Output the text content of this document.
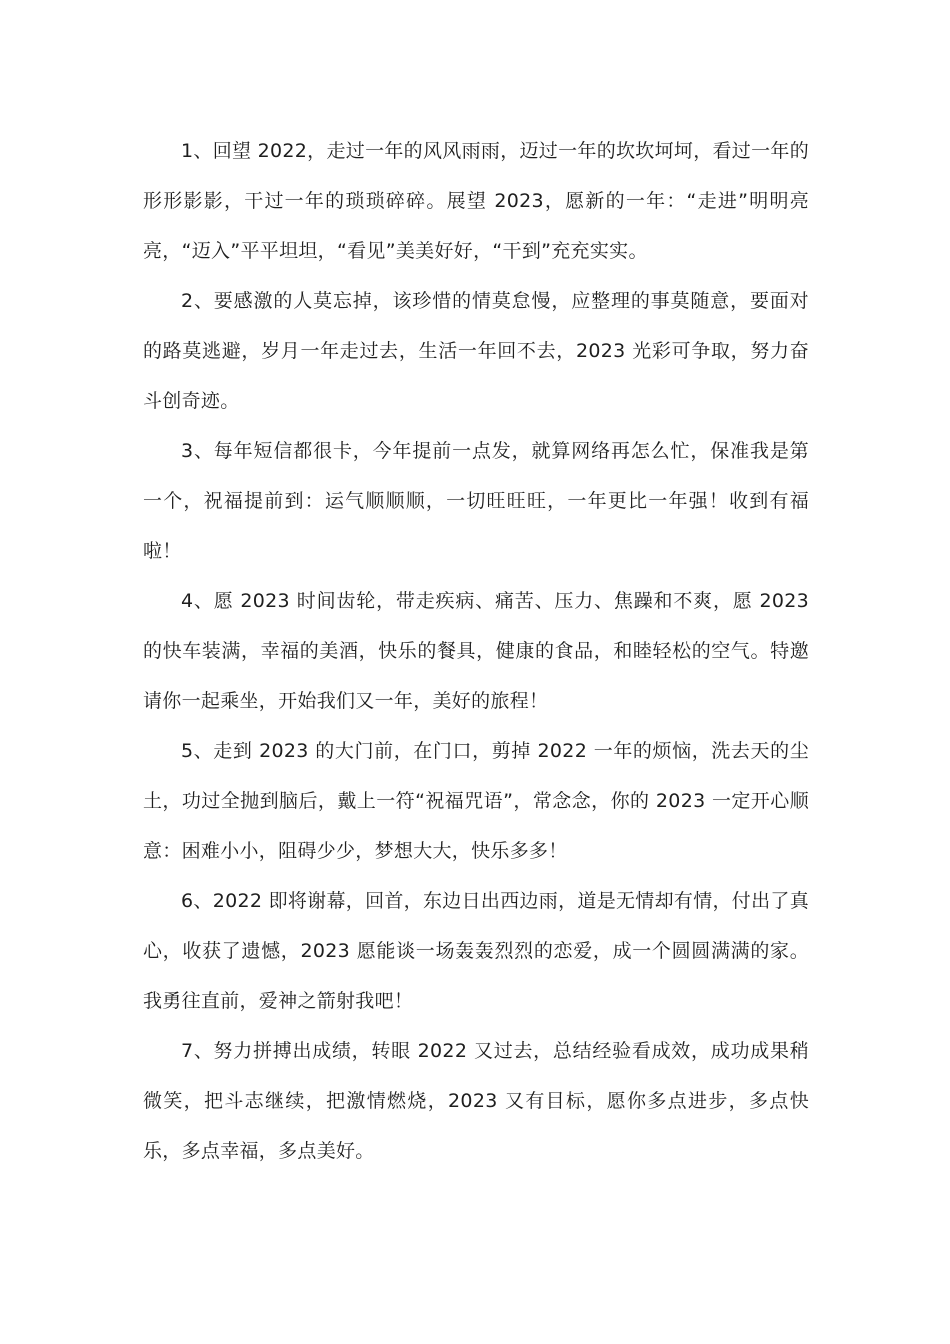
1、回望 2022，走过一年的风风雨雨，迈过一年的坎坎坷坷，看过一年的形形影影，干过一年的琐琐碎碎。展望 2023，愿新的一年：“走进”明明亮亮，“迈入”平平坦坦，“看见”美美好好，“干到”充充实实。

2、要感激的人莫忘掉，该珍惜的情莫怠慢，应整理的事莫随意，要面对的路莫逃避，岁月一年走过去，生活一年回不去，2023 光彩可争取，努力奋斗创奇迹。

3、每年短信都很卡，今年提前一点发，就算网络再怎么忙，保准我是第一个，祝福提前到：运气顺顺顺，一切旺旺旺，一年更比一年强！收到有福啦！

4、愿 2023 时间齿轮，带走疾病、痛苦、压力、焦躁和不爽，愿 2023 的快车装满，幸福的美酒，快乐的餐具，健康的食品，和睦轻松的空气。特邀请你一起乘坐，开始我们又一年，美好的旅程！

5、走到 2023 的大门前，在门口，剪掉 2022 一年的烦恼，洗去天的尘土，功过全抛到脑后，戴上一符“祝福咒语”，常念念，你的 2023 一定开心顺意：困难小小，阻碍少少，梦想大大，快乐多多！

6、2022 即将谢幕，回首，东边日出西边雨，道是无情却有情，付出了真心，收获了遗憾，2023 愿能谈一场轰轰烈烈的恋爱，成一个圆圆满满的家。我勇往直前，爱神之箭射我吧！

7、努力拼搏出成绩，转眼 2022 又过去，总结经验看成效，成功成果稍微笑，把斗志继续，把激情燃烧，2023 又有目标，愿你多点进步，多点快乐，多点幸福，多点美好。
